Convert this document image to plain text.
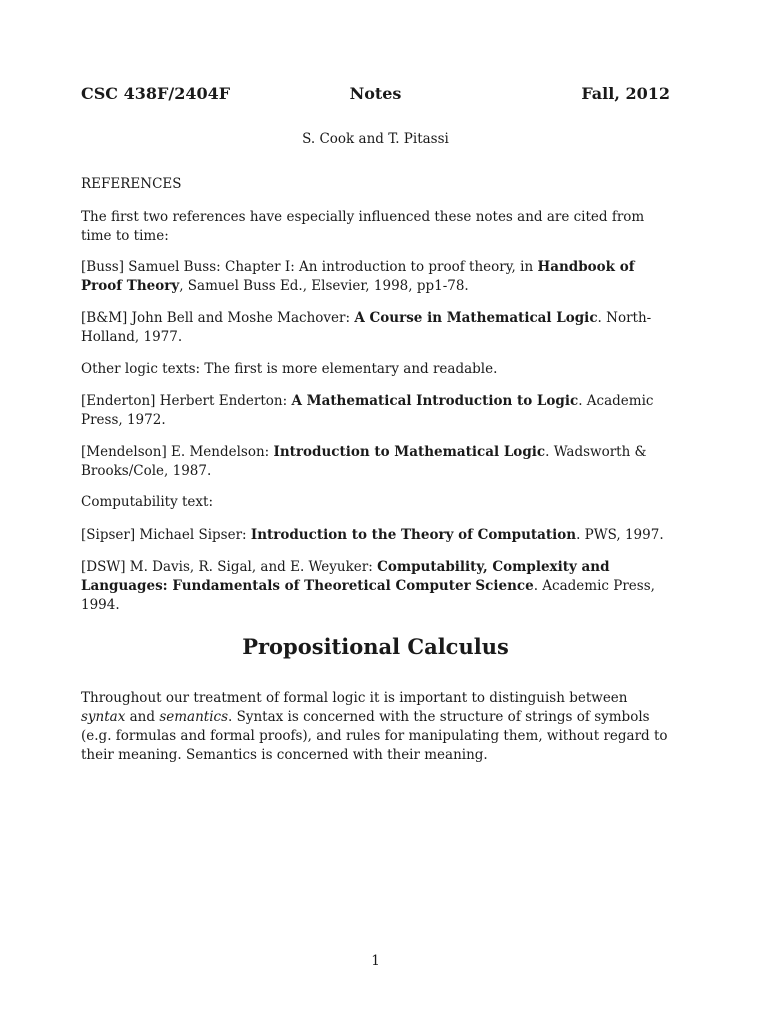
CSC 438F/2404F	Notes	Fall, 2012
S. Cook and T. Pitassi

REFERENCES

The first two references have especially influenced these notes and are cited from time to time:

[Buss] Samuel Buss: Chapter I: An introduction to proof theory, in Handbook of Proof Theory, Samuel Buss Ed., Elsevier, 1998, pp1-78.

[B&M] John Bell and Moshe Machover: A Course in Mathematical Logic. North-Holland, 1977.

Other logic texts: The first is more elementary and readable.

[Enderton] Herbert Enderton: A Mathematical Introduction to Logic. Academic Press, 1972.

[Mendelson] E. Mendelson: Introduction to Mathematical Logic. Wadsworth & Brooks/Cole, 1987.

Computability text:

[Sipser] Michael Sipser: Introduction to the Theory of Computation. PWS, 1997.

[DSW] M. Davis, R. Sigal, and E. Weyuker: Computability, Complexity and Languages: Fundamentals of Theoretical Computer Science. Academic Press, 1994.

Propositional Calculus

Throughout our treatment of formal logic it is important to distinguish between syntax and semantics. Syntax is concerned with the structure of strings of symbols (e.g. formulas and formal proofs), and rules for manipulating them, without regard to their meaning. Semantics is concerned with their meaning.

1
